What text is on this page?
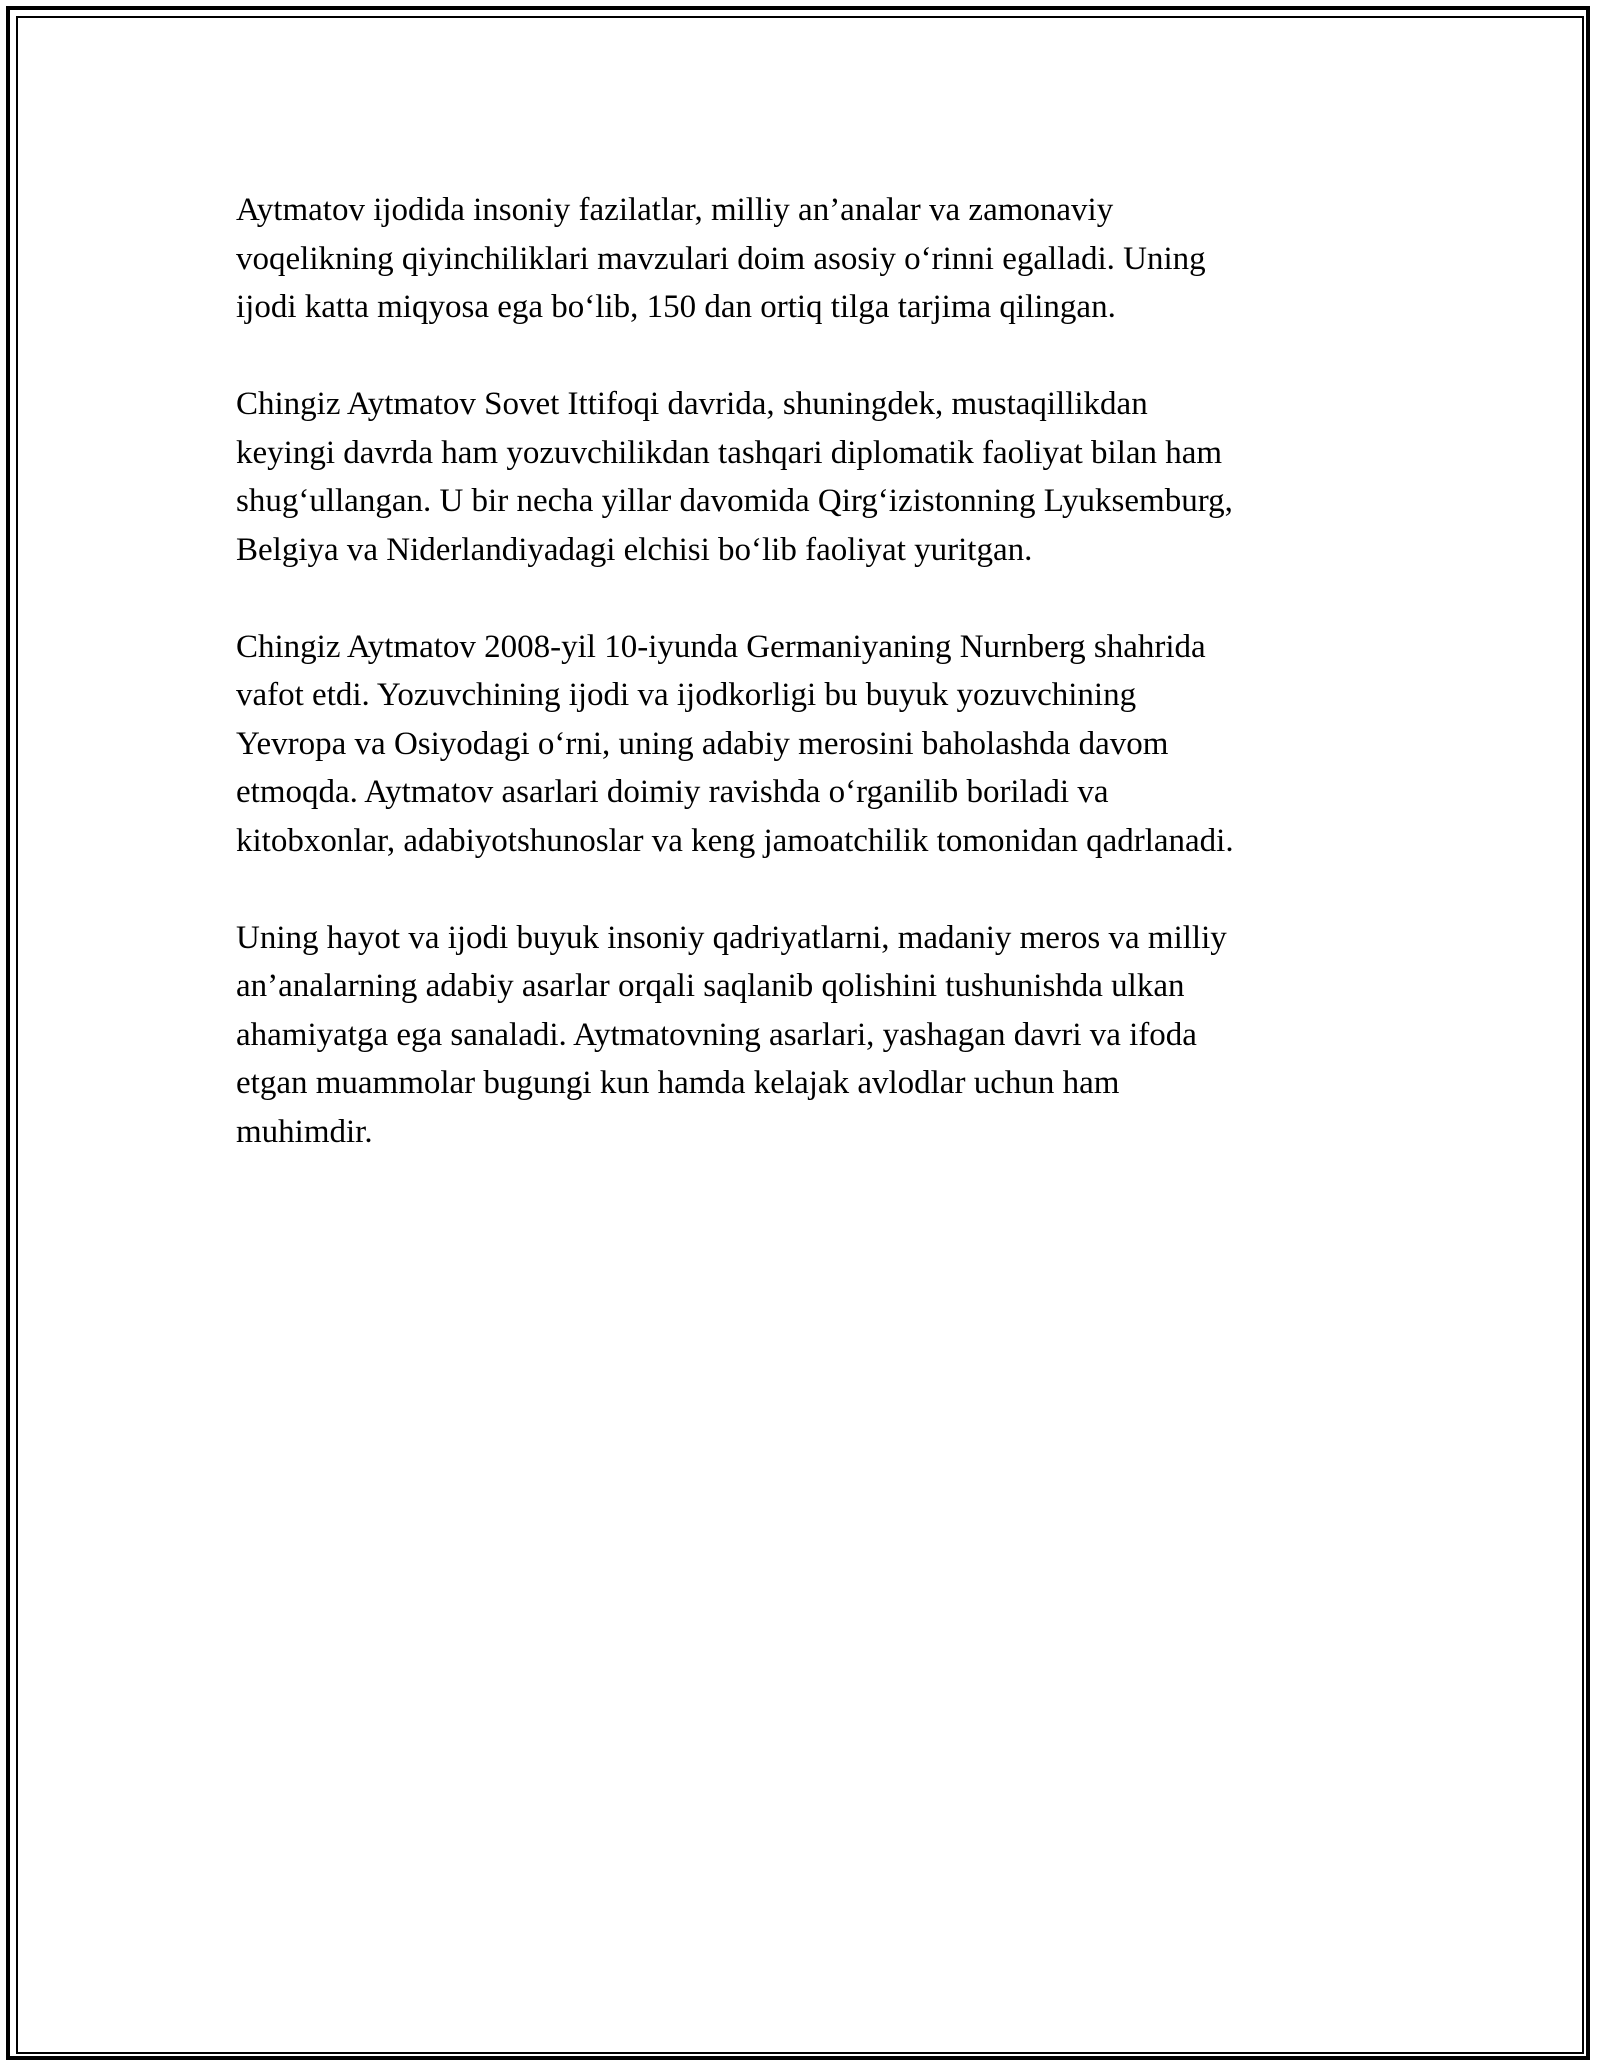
Aytmatov ijodida insoniy fazilatlar, milliy an’analar va zamonaviy
voqelikning qiyinchiliklari mavzulari doim asosiy o‘rinni egalladi. Uning
ijodi katta miqyosa ega bo‘lib, 150 dan ortiq tilga tarjima qilingan.

Chingiz Aytmatov Sovet Ittifoqi davrida, shuningdek, mustaqillikdan
keyingi davrda ham yozuvchilikdan tashqari diplomatik faoliyat bilan ham
shug‘ullangan. U bir necha yillar davomida Qirg‘izistonning Lyuksemburg,
Belgiya va Niderlandiyadagi elchisi bo‘lib faoliyat yuritgan.

Chingiz Aytmatov 2008-yil 10-iyunda Germaniyaning Nurnberg shahrida
vafot etdi. Yozuvchining ijodi va ijodkorligi bu buyuk yozuvchining
Yevropa va Osiyodagi o‘rni, uning adabiy merosini baholashda davom
etmoqda. Aytmatov asarlari doimiy ravishda o‘rganilib boriladi va
kitobxonlar, adabiyotshunoslar va keng jamoatchilik tomonidan qadrlanadi.

Uning hayot va ijodi buyuk insoniy qadriyatlarni, madaniy meros va milliy
an’analarning adabiy asarlar orqali saqlanib qolishini tushunishda ulkan
ahamiyatga ega sanaladi. Aytmatovning asarlari, yashagan davri va ifoda
etgan muammolar bugungi kun hamda kelajak avlodlar uchun ham
muhimdir.
